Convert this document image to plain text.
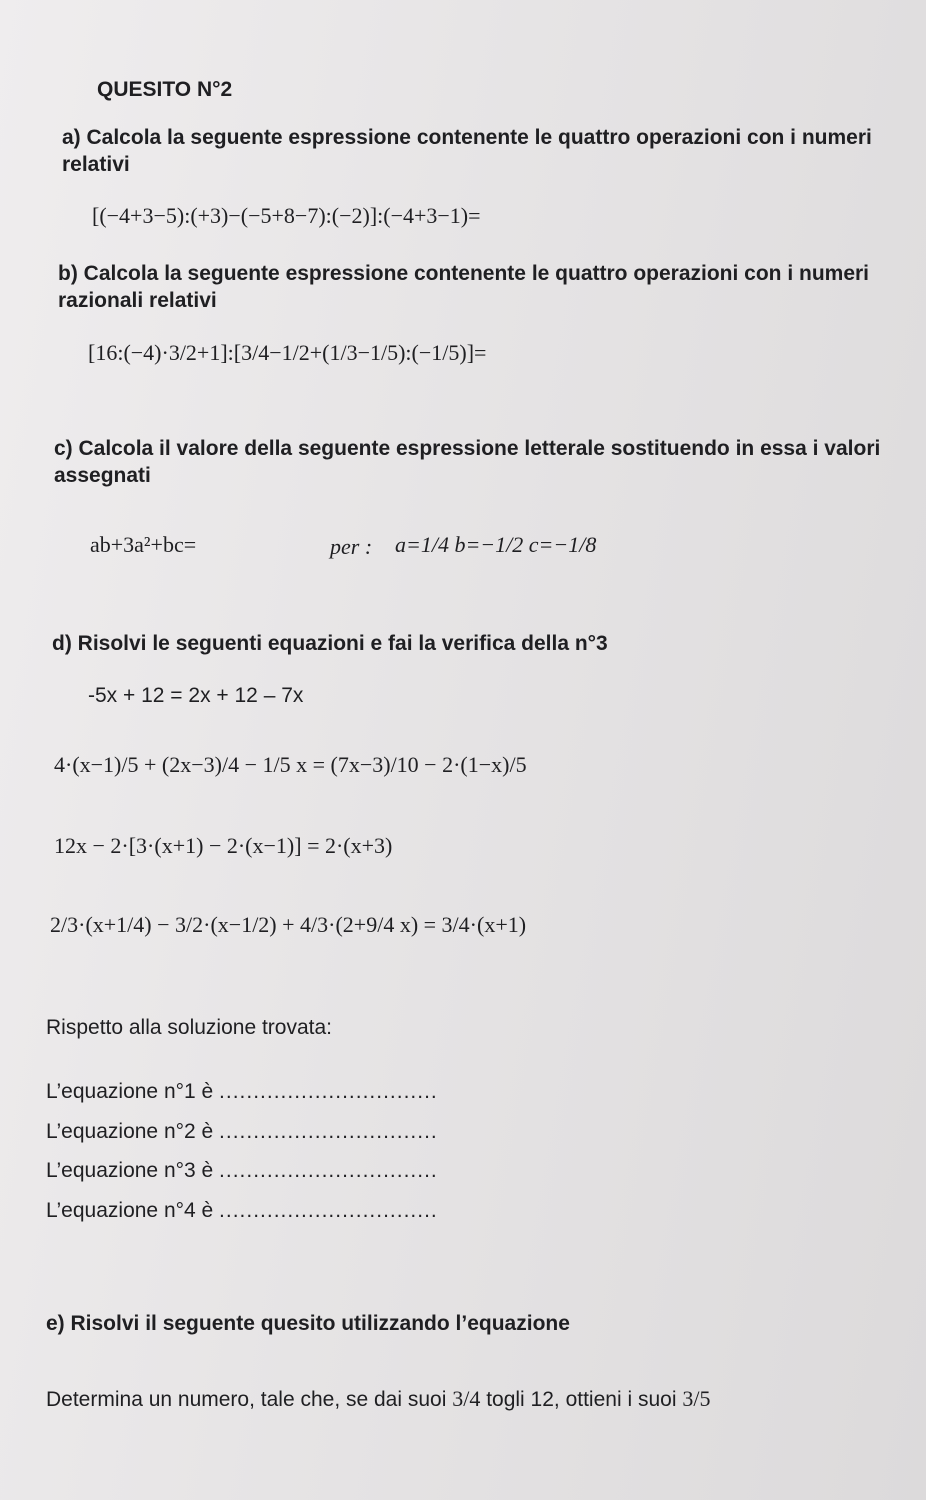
QUESITO N°2
a) Calcola la seguente espressione contenente le quattro operazioni con i numeri relativi
[(−4+3−5):(+3)−(−5+8−7):(−2)]:(−4+3−1)=
b) Calcola la seguente espressione contenente le quattro operazioni con i numeri razionali relativi
[16:(−4)·3/2+1]:[3/4−1/2+(1/3−1/5):(−1/5)]=
c) Calcola il valore della seguente espressione letterale sostituendo in essa i valori assegnati
ab+3a²+bc=	per : a=1/4 b=−1/2 c=−1/8
d) Risolvi le seguenti equazioni e fai la verifica della n°3
-5x + 12 = 2x + 12 – 7x
4·(x−1)/5 + (2x−3)/4 − 1/5 x = (7x−3)/10 − 2·(1−x)/5
12x − 2·[3·(x+1) − 2·(x−1)] = 2·(x+3)
2/3·(x+1/4) − 3/2·(x−1/2) + 4/3·(2+9/4 x) = 3/4·(x+1)
Rispetto alla soluzione trovata:
L’equazione n°1 è ................................
L’equazione n°2 è ................................
L’equazione n°3 è ................................
L’equazione n°4 è ................................
e) Risolvi il seguente quesito utilizzando l’equazione
Determina un numero, tale che, se dai suoi 3/4 togli 12, ottieni i suoi 3/5
